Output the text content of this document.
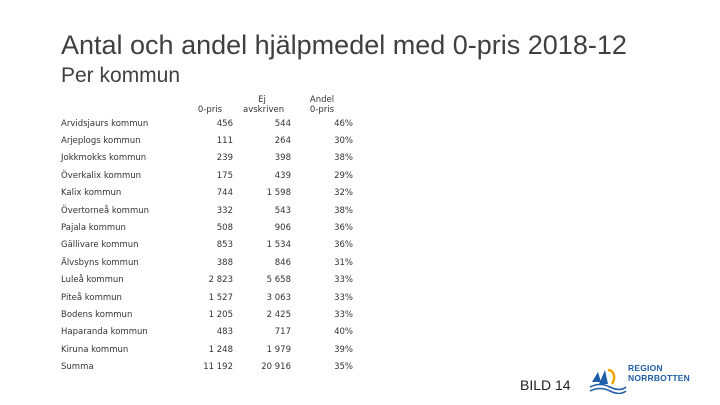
Antal och andel hjälpmedel med 0-pris 2018-12
Per kommun
	0-pris	Ej avskriven	Andel 0-pris
Arvidsjaurs kommun	456	544	46%
Arjeplogs kommun	111	264	30%
Jokkmokks kommun	239	398	38%
Överkalix kommun	175	439	29%
Kalix kommun	744	1 598	32%
Övertorneå kommun	332	543	38%
Pajala kommun	508	906	36%
Gällivare kommun	853	1 534	36%
Älvsbyns kommun	388	846	31%
Luleå kommun	2 823	5 658	33%
Piteå kommun	1 527	3 063	33%
Bodens kommun	1 205	2 425	33%
Haparanda kommun	483	717	40%
Kiruna kommun	1 248	1 979	39%
Summa	11 192	20 916	35%
BILD 14
REGION
NORRBOTTEN
